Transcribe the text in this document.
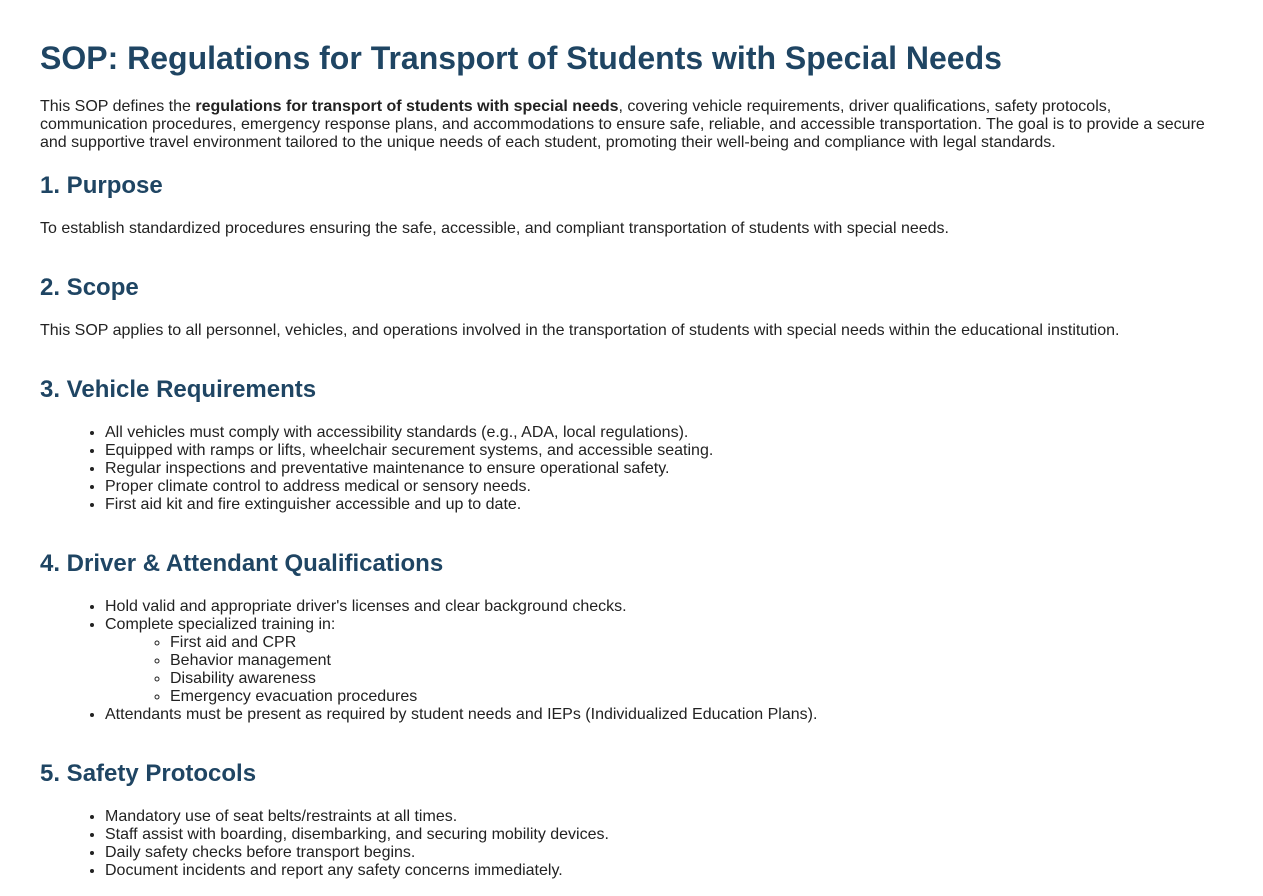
SOP: Regulations for Transport of Students with Special Needs

This SOP defines the regulations for transport of students with special needs, covering vehicle requirements, driver qualifications, safety protocols, communication procedures, emergency response plans, and accommodations to ensure safe, reliable, and accessible transportation. The goal is to provide a secure and supportive travel environment tailored to the unique needs of each student, promoting their well-being and compliance with legal standards.

1. Purpose

To establish standardized procedures ensuring the safe, accessible, and compliant transportation of students with special needs.

2. Scope

This SOP applies to all personnel, vehicles, and operations involved in the transportation of students with special needs within the educational institution.

3. Vehicle Requirements
• All vehicles must comply with accessibility standards (e.g., ADA, local regulations).
• Equipped with ramps or lifts, wheelchair securement systems, and accessible seating.
• Regular inspections and preventative maintenance to ensure operational safety.
• Proper climate control to address medical or sensory needs.
• First aid kit and fire extinguisher accessible and up to date.
4. Driver & Attendant Qualifications
• Hold valid and appropriate driver's licenses and clear background checks.
• Complete specialized training in:
◦ First aid and CPR
◦ Behavior management
◦ Disability awareness
◦ Emergency evacuation procedures
• Attendants must be present as required by student needs and IEPs (Individualized Education Plans).
5. Safety Protocols
• Mandatory use of seat belts/restraints at all times.
• Staff assist with boarding, disembarking, and securing mobility devices.
• Daily safety checks before transport begins.
• Document incidents and report any safety concerns immediately.
